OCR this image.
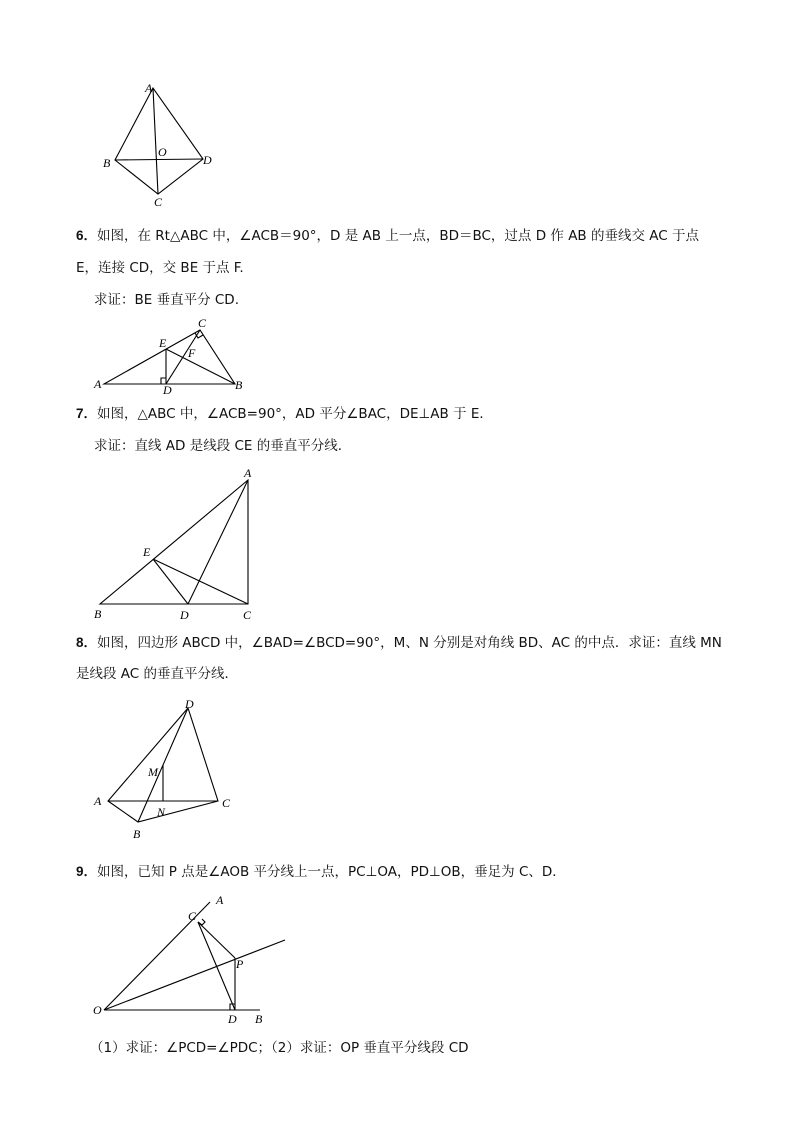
A
B
O
D
C
6．如图，在 Rt△ABC 中，∠ACB＝90°，D 是 AB 上一点，BD＝BC，过点 D 作 AB 的垂线交 AC 于点
E，连接 CD，交 BE 于点 F.
求证：BE 垂直平分 CD.
C
E
F
A	D	B
7．如图，△ABC 中，∠ACB=90°，AD 平分∠BAC，DE⊥AB 于 E．
求证：直线 AD 是线段 CE 的垂直平分线．
A
E
B	D	C
8．如图，四边形 ABCD 中，∠BAD=∠BCD=90°，M、N 分别是对角线 BD、AC 的中点．求证：直线 MN
是线段 AC 的垂直平分线．
D
M
A	C
N
B
9．如图，已知 P 点是∠AOB 平分线上一点，PC⊥OA，PD⊥OB，垂足为 C、D．
C
A
P
O
D B
（1）求证：∠PCD=∠PDC；（2）求证：OP 垂直平分线段 CD
